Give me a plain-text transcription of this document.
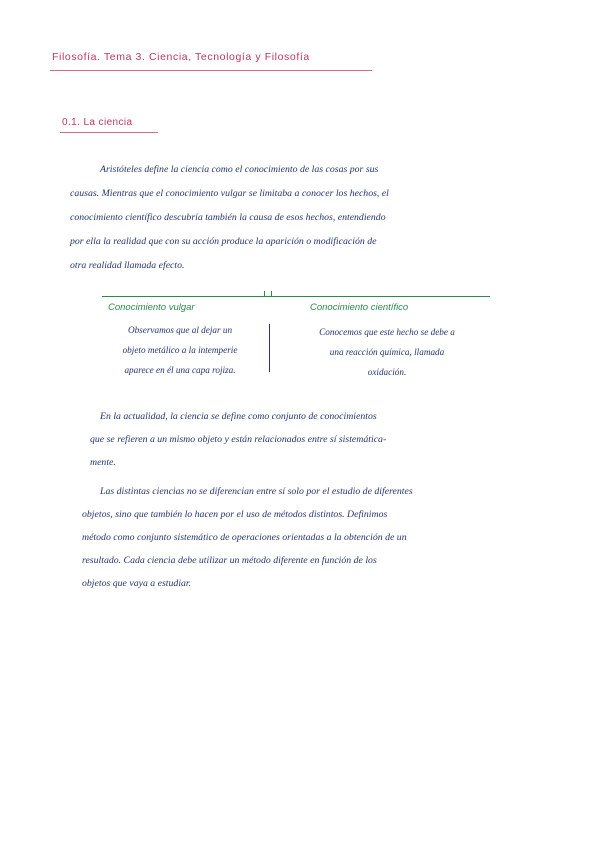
Filosofía. Tema 3. Ciencia, Tecnología y Filosofía
0.1. La ciencia
Aristóteles define la ciencia como el conocimiento de las cosas por sus
causas. Mientras que el conocimiento vulgar se limitaba a conocer los hechos, el
conocimiento científico descubría también la causa de esos hechos, entendiendo
por ella la realidad que con su acción produce la aparición o modificación de
otra realidad llamada efecto.
Conocimiento vulgar	Conocimiento científico
Observamos que al dejar un
objeto metálico a la intemperie
aparece en él una capa rojiza.
Conocemos que este hecho se debe a
una reacción química, llamada
oxidación.
En la actualidad, la ciencia se define como conjunto de conocimientos
que se refieren a un mismo objeto y están relacionados entre sí sistemática-
mente.
Las distintas ciencias no se diferencian entre sí solo por el estudio de diferentes
objetos, sino que también lo hacen por el uso de métodos distintos. Definimos
método como conjunto sistemático de operaciones orientadas a la obtención de un
resultado. Cada ciencia debe utilizar un método diferente en función de los
objetos que vaya a estudiar.
